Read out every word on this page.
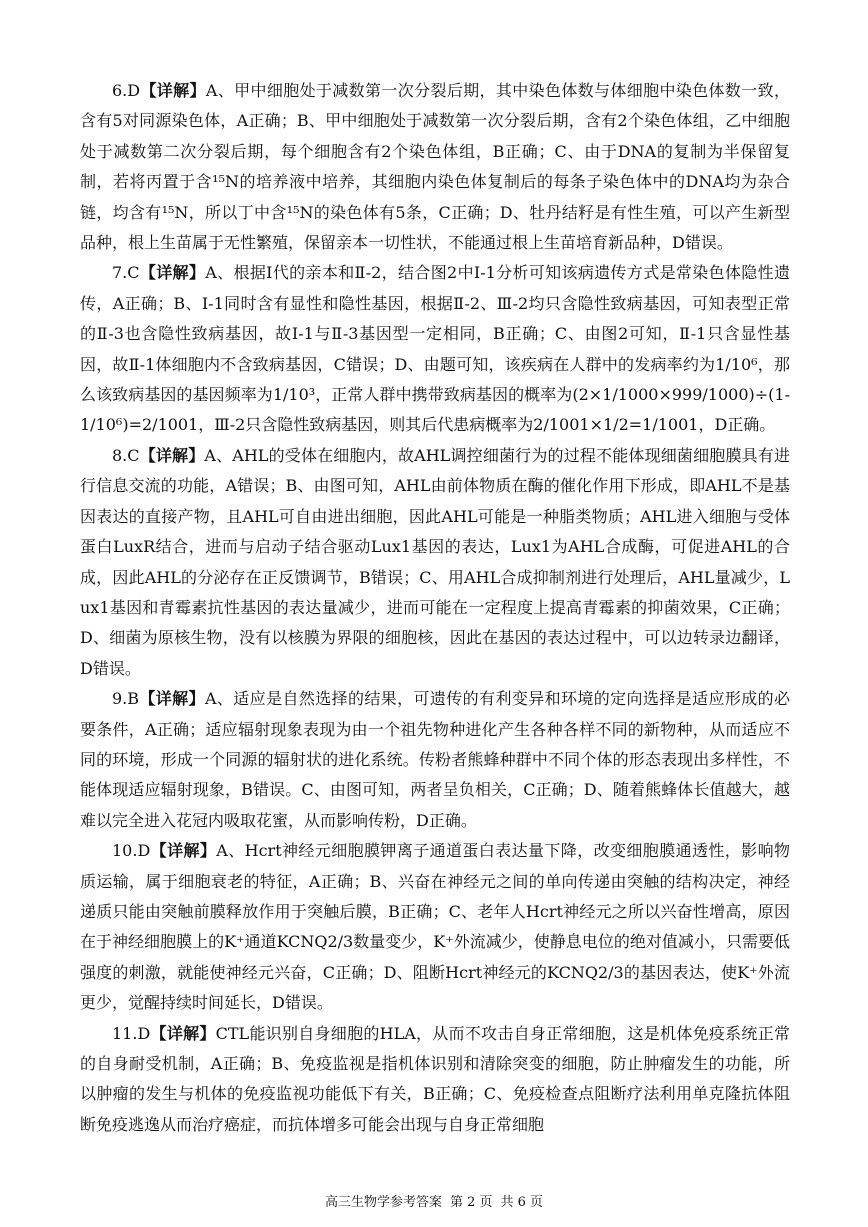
6.D【详解】A、甲中细胞处于减数第一次分裂后期，其中染色体数与体细胞中染色体数一致，含有5对同源染色体，A正确；B、甲中细胞处于减数第一次分裂后期，含有2个染色体组，乙中细胞处于减数第二次分裂后期，每个细胞含有2个染色体组，B正确；C、由于DNA的复制为半保留复制，若将丙置于含¹⁵N的培养液中培养，其细胞内染色体复制后的每条子染色体中的DNA均为杂合链，均含有¹⁵N，所以丁中含¹⁵N的染色体有5条，C正确；D、牡丹结籽是有性生殖，可以产生新型品种，根上生苗属于无性繁殖，保留亲本一切性状，不能通过根上生苗培育新品种，D错误。

7.C【详解】A、根据Ⅰ代的亲本和Ⅱ-2，结合图2中I-1分析可知该病遗传方式是常染色体隐性遗传，A正确；B、I-1同时含有显性和隐性基因，根据Ⅱ-2、Ⅲ-2均只含隐性致病基因，可知表型正常的Ⅱ-3也含隐性致病基因，故I-1与Ⅱ-3基因型一定相同，B正确；C、由图2可知，Ⅱ-1只含显性基因，故Ⅱ-1体细胞内不含致病基因，C错误；D、由题可知，该疾病在人群中的发病率约为1/10⁶，那么该致病基因的基因频率为1/10³，正常人群中携带致病基因的概率为(2×1/1000×999/1000)÷(1-1/10⁶)=2/1001，Ⅲ-2只含隐性致病基因，则其后代患病概率为2/1001×1/2=1/1001，D正确。

8.C【详解】A、AHL的受体在细胞内，故AHL调控细菌行为的过程不能体现细菌细胞膜具有进行信息交流的功能，A错误；B、由图可知，AHL由前体物质在酶的催化作用下形成，即AHL不是基因表达的直接产物，且AHL可自由进出细胞，因此AHL可能是一种脂类物质；AHL进入细胞与受体蛋白LuxR结合，进而与启动子结合驱动Lux1基因的表达，Lux1为AHL合成酶，可促进AHL的合成，因此AHL的分泌存在正反馈调节，B错误；C、用AHL合成抑制剂进行处理后，AHL量减少，Lux1基因和青霉素抗性基因的表达量减少，进而可能在一定程度上提高青霉素的抑菌效果，C正确；D、细菌为原核生物，没有以核膜为界限的细胞核，因此在基因的表达过程中，可以边转录边翻译，D错误。

9.B【详解】A、适应是自然选择的结果，可遗传的有利变异和环境的定向选择是适应形成的必要条件，A正确；适应辐射现象表现为由一个祖先物种进化产生各种各样不同的新物种，从而适应不同的环境，形成一个同源的辐射状的进化系统。传粉者熊蜂种群中不同个体的形态表现出多样性，不能体现适应辐射现象，B错误。C、由图可知，两者呈负相关，C正确；D、随着熊蜂体长值越大，越难以完全进入花冠内吸取花蜜，从而影响传粉，D正确。

10.D【详解】A、Hcrt神经元细胞膜钾离子通道蛋白表达量下降，改变细胞膜通透性，影响物质运输，属于细胞衰老的特征，A正确；B、兴奋在神经元之间的单向传递由突触的结构决定，神经递质只能由突触前膜释放作用于突触后膜，B正确；C、老年人Hcrt神经元之所以兴奋性增高，原因在于神经细胞膜上的K⁺通道KCNQ2/3数量变少，K⁺外流减少，使静息电位的绝对值减小，只需要低强度的刺激，就能使神经元兴奋，C正确；D、阻断Hcrt神经元的KCNQ2/3的基因表达，使K⁺外流更少，觉醒持续时间延长，D错误。

11.D【详解】CTL能识别自身细胞的HLA，从而不攻击自身正常细胞，这是机体免疫系统正常的自身耐受机制，A正确；B、免疫监视是指机体识别和清除突变的细胞，防止肿瘤发生的功能，所以肿瘤的发生与机体的免疫监视功能低下有关，B正确；C、免疫检查点阻断疗法利用单克隆抗体阻断免疫逃逸从而治疗癌症，而抗体增多可能会出现与自身正常细胞

高三生物学参考答案 第 2 页 共 6 页
